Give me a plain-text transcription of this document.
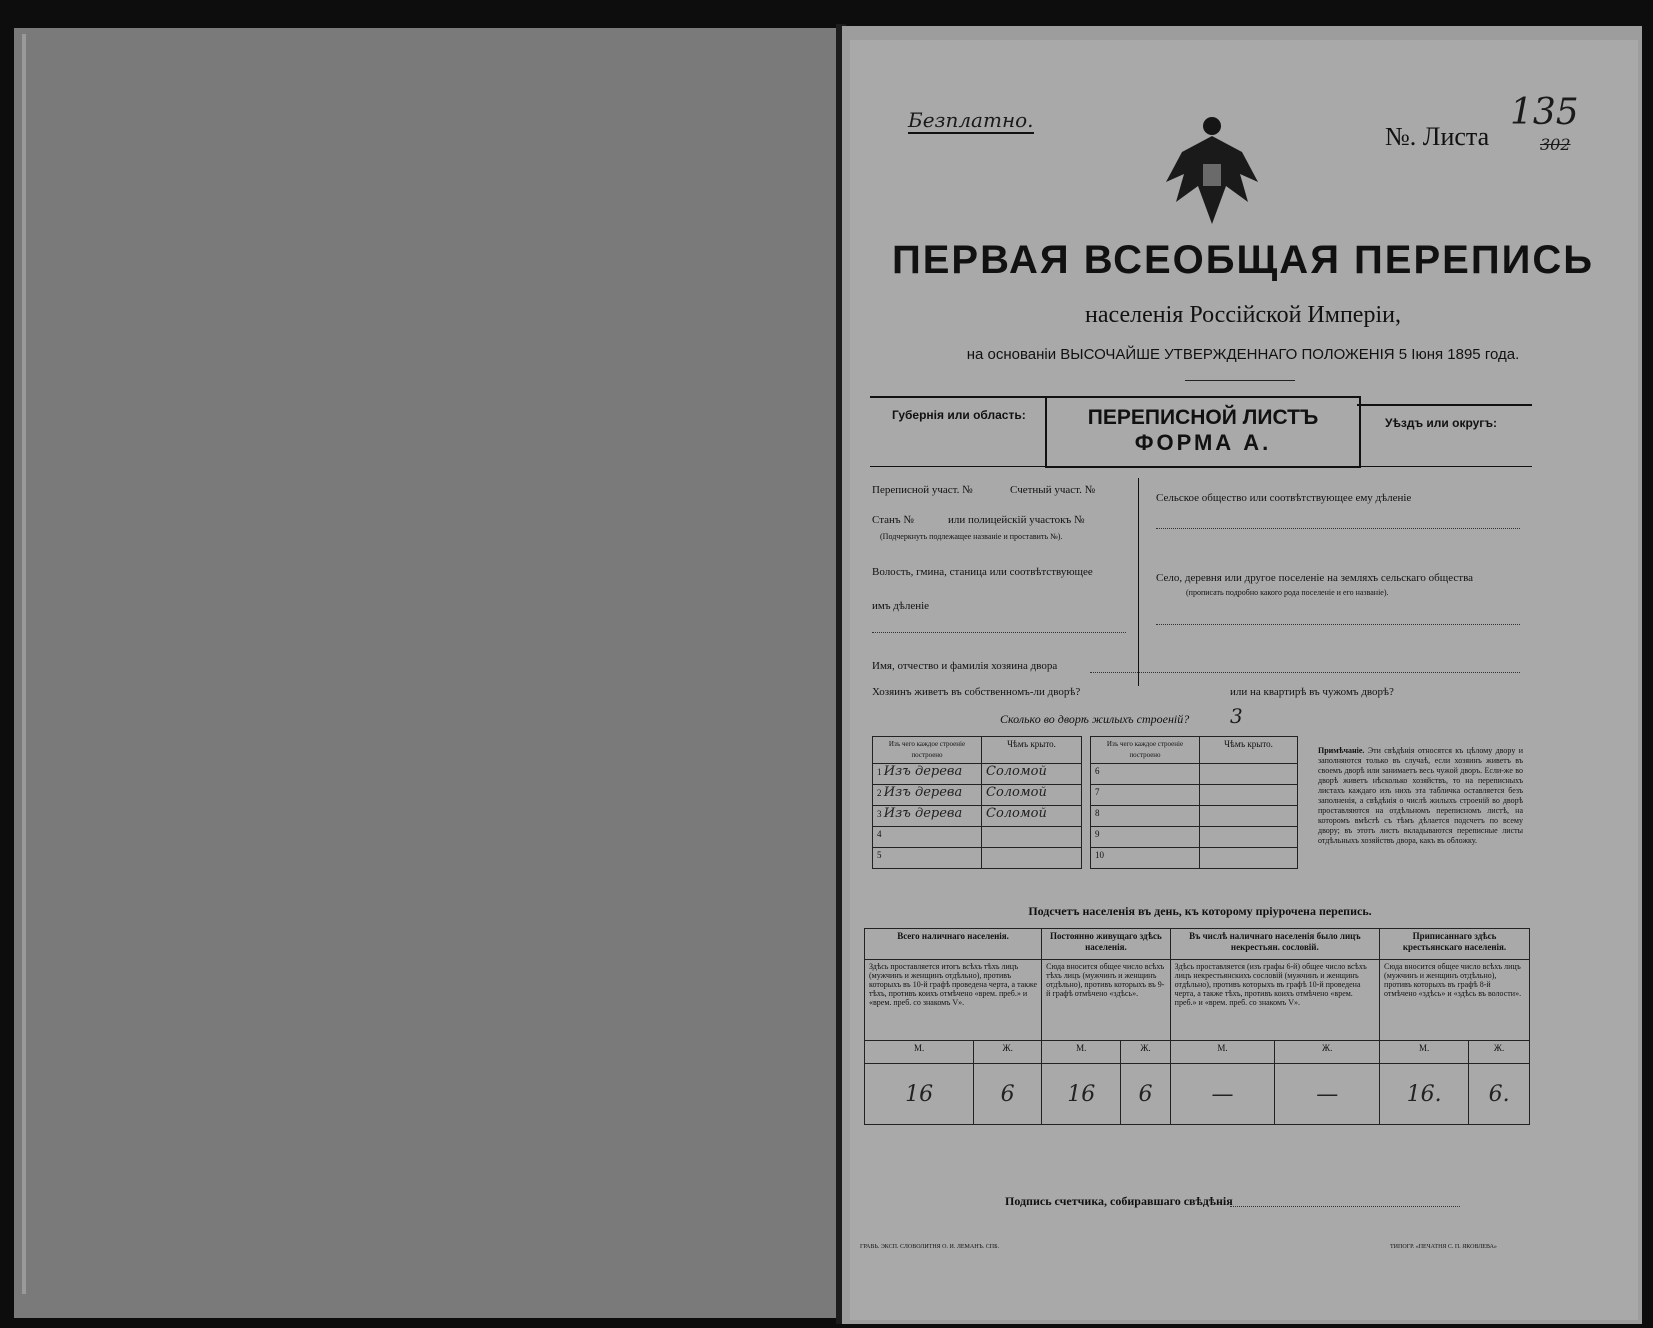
Безплатно.
№. Листа
135
302
ПЕРВАЯ ВСЕОБЩАЯ ПЕРЕПИСЬ
населенія Россійской Имперіи,
на основаніи ВЫСОЧАЙШЕ УТВЕРЖДЕННАГО ПОЛОЖЕНІЯ 5 Іюня 1895 года.
Губернія или область:	ПЕРЕПИСНОЙ ЛИСТЪ
ФОРМА А.
Уѣздъ или округъ:
Переписной участ. №	Счетный участ. №
Станъ №	или полицейскій участокъ №
(Подчеркнуть подлежащее названіе и проставить №).
Волость, гмина, станица или соотвѣтствующее
имъ дѣленіе
Сельское общество или соотвѣтствующее ему дѣленіе
Село, деревня или другое поселеніе на земляхъ сельскаго общества
(прописать подробно какого рода поселеніе и его названіе).
Имя, отчество и фамилія хозяина двора
Хозяинъ живетъ въ собственномъ-ли дворѣ?	или на квартирѣ въ чужомъ дворѣ?
Сколько во дворѣ жилыхъ строеній? 3
Изъ чего каждое строеніе построено	Чѣмъ крыто.
1 Изъ дерева	Соломой
2 Изъ дерева	Соломой
3 Изъ дерева	Соломой
4	
5	
Изъ чего каждое строеніе построено	Чѣмъ крыто.
6	
7	
8	
9	
10	
Примѣчаніе. Эти свѣдѣнія относятся къ цѣлому двору и заполняются только въ случаѣ, если хозяинъ живетъ въ своемъ дворѣ или занимаетъ весь чужой дворъ. Если-же во дворѣ живетъ нѣсколько хозяйствъ, то на переписныхъ листахъ каждаго изъ нихъ эта табличка оставляется безъ заполненія, а свѣдѣнія о числѣ жилыхъ строеній во дворѣ проставляются на отдѣльномъ переписномъ листѣ, на которомъ вмѣстѣ съ тѣмъ дѣлается подсчетъ по всему двору; въ этотъ листъ вкладываются переписные листы отдѣльныхъ хозяйствъ двора, какъ въ обложку.
Подсчетъ населенія въ день, къ которому пріурочена перепись.
Всего наличнаго населенія.		Постоянно живущаго здѣсь населенія.		Въ числѣ наличнаго населенія было лицъ некрестьян. сословій.		Приписаннаго здѣсь крестьянскаго населенія.	
Здѣсь проставляется итогъ всѣхъ тѣхъ лицъ (мужчинъ и женщинъ отдѣльно), противъ которыхъ въ 10-й графѣ проведена черта, а также тѣхъ, противъ коихъ отмѣчено «врем. преб.» и «врем. преб. со знакомъ V».		Сюда вносится общее число всѣхъ тѣхъ лицъ (мужчинъ и женщинъ отдѣльно), противъ которыхъ въ 9-й графѣ отмѣчено «здѣсь».		Здѣсь проставляется (изъ графы 6-й) общее число всѣхъ лицъ некрестьянскихъ сословій (мужчинъ и женщинъ отдѣльно), противъ которыхъ въ графѣ 10-й проведена черта, а также тѣхъ, противъ коихъ отмѣчено «врем. преб.» и «врем. преб. со знакомъ V».		Сюда вносится общее число всѣхъ лицъ (мужчинъ и женщинъ отдѣльно), противъ которыхъ въ графѣ 8-й отмѣчено «здѣсь» и «здѣсь въ волости».	
М.	Ж.	М.	Ж.	М.	Ж.	М.	Ж.
16	6	16	6	—	—	16.	6.
Подпись счетчика, собиравшаго свѣдѣнія
ГРАВЬ. ЭКСП. СЛОВОЛИТНЯ О. И. ЛЕМАНЪ. СПБ.	ТИПОГР. «ПЕЧАТНЯ С. П. ЯКОВЛЕВА»
